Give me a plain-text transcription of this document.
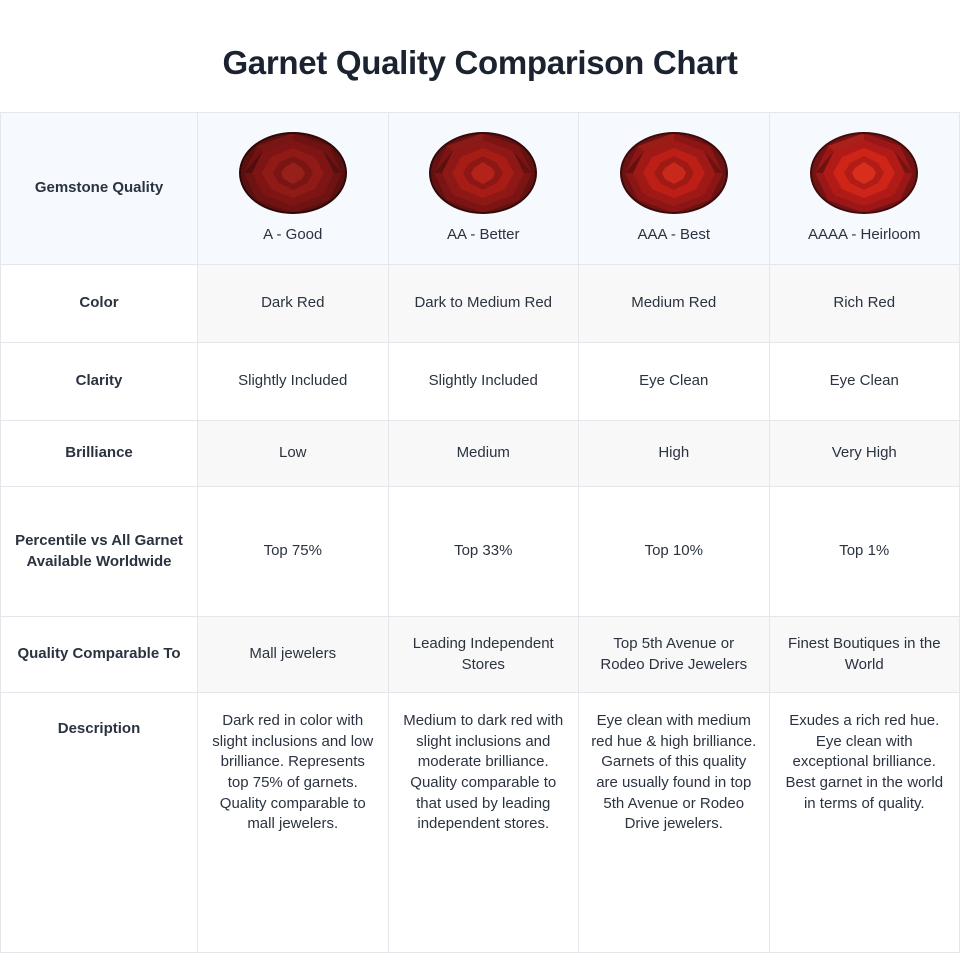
Garnet Quality Comparison Chart
Gemstone Quality	A - Good	AA - Better	AAA - Best	AAAA - Heirloom

Color	Dark Red	Dark to Medium Red	Medium Red	Rich Red
Clarity	Slightly Included	Slightly Included	Eye Clean	Eye Clean
Brilliance	Low	Medium	High	Very High
Percentile vs All Garnet Available Worldwide	Top 75%	Top 33%	Top 10%	Top 1%
Quality Comparable To	Mall jewelers	Leading Independent Stores	Top 5th Avenue or Rodeo Drive Jewelers	Finest Boutiques in the World
Description	Dark red in color with slight inclusions and low brilliance. Represents top 75% of garnets. Quality comparable to mall jewelers.	Medium to dark red with slight inclusions and moderate brilliance. Quality comparable to that used by leading independent stores.	Eye clean with medium red hue & high brilliance. Garnets of this quality are usually found in top 5th Avenue or Rodeo Drive jewelers.	Exudes a rich red hue. Eye clean with exceptional brilliance. Best garnet in the world in terms of quality.
